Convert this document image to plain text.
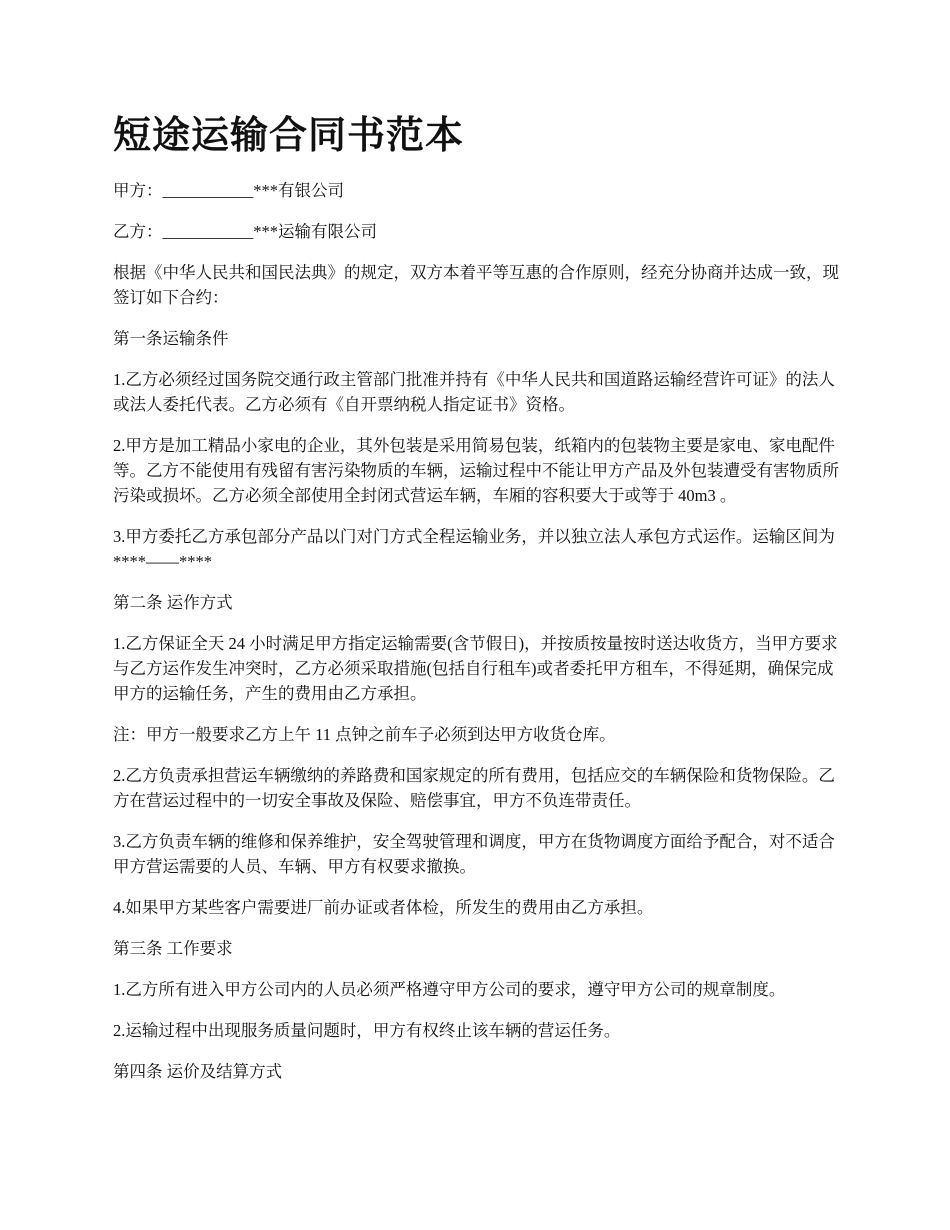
短途运输合同书范本

甲方：___________***有银公司

乙方：___________***运输有限公司

根据《中华人民共和国民法典》的规定，双方本着平等互惠的合作原则，经充分协商并达成一致，现签订如下合约：

第一条运输条件

1.乙方必须经过国务院交通行政主管部门批准并持有《中华人民共和国道路运输经营许可证》的法人或法人委托代表。乙方必须有《自开票纳税人指定证书》资格。

2.甲方是加工精品小家电的企业，其外包装是采用简易包装，纸箱内的包装物主要是家电、家电配件等。乙方不能使用有残留有害污染物质的车辆，运输过程中不能让甲方产品及外包装遭受有害物质所污染或损坏。乙方必须全部使用全封闭式营运车辆，车厢的容积要大于或等于 40m3 。

3.甲方委托乙方承包部分产品以门对门方式全程运输业务，并以独立法人承包方式运作。运输区间为****——****

第二条 运作方式

1.乙方保证全天 24 小时满足甲方指定运输需要(含节假日)，并按质按量按时送达收货方，当甲方要求与乙方运作发生冲突时，乙方必须采取措施(包括自行租车)或者委托甲方租车，不得延期，确保完成甲方的运输任务，产生的费用由乙方承担。

注：甲方一般要求乙方上午 11 点钟之前车子必须到达甲方收货仓库。

2.乙方负责承担营运车辆缴纳的养路费和国家规定的所有费用，包括应交的车辆保险和货物保险。乙方在营运过程中的一切安全事故及保险、赔偿事宜，甲方不负连带责任。

3.乙方负责车辆的维修和保养维护，安全驾驶管理和调度，甲方在货物调度方面给予配合，对不适合甲方营运需要的人员、车辆、甲方有权要求撤换。

4.如果甲方某些客户需要进厂前办证或者体检，所发生的费用由乙方承担。

第三条 工作要求

1.乙方所有进入甲方公司内的人员必须严格遵守甲方公司的要求，遵守甲方公司的规章制度。

2.运输过程中出现服务质量问题时，甲方有权终止该车辆的营运任务。

第四条 运价及结算方式
